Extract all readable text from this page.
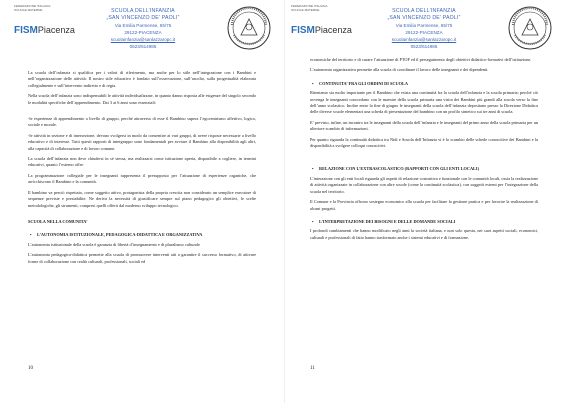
FEDERAZIONE ITALIANA
SCUOLE MATERNE
FISMPiacenza
SCUOLA DELL’INFANZIA
„SAN VINCENZO DE’ PAOLI”
Via Emilia Parmense, 65/75
29122-PIACENZA
scuolainfanzia@sanlazzaropc.it
0523/614985

La scuola dell’infanzia si qualifica per i valori di riferimento, ma anche per lo stile nell’integrazione con i Bambini e nell’organizzazione delle attività. Il nostro stile educativo è fondato sull’osservazione, sull’ascolto, sulla progettualità elaborata collegialmente e sull’intervento indiretto e di regia.

Nella scuola dell’infanzia sono indispensabili le attività individualizzate, in quanto danno risposta alle esigenze del singolo secondo le modalità specifiche dell’apprendimento. Dai 3 ai 6 anni sono essenziali:

-le esperienze di apprendimento a livello di gruppo, perché attraverso di esse il Bambino supera l’egocentrismo affettivo, logico, sociale e morale.

-le attività in sezione e di intersezione, devono svolgersi in modo da consentire ai vari gruppi, di avere risposte necessarie a livello educativo e di interesse. Tutti questi rapporti di intergruppo sono fondamentali per avviare il Bambino alla disponibilità agli altri, alla capacità di collaborazione e di lavoro comune.

La scuola dell’infanzia non deve chiudersi in sé stessa, ma realizzarsi come istituzione aperta, disponibile a cogliere, in termini educativi, quanto l’esterno offre.

La programmazione collegiale per le insegnanti rappresenta il presupposto per l’attuazione di esperienze organiche, che arricchiscono il Bambino e la comunità.

Il bambino va perciò rispettato, come soggetto attivo, protagonista della propria crescita non considerato un semplice esecutore di sequenze previste e prestabilite. Ne deriva la necessità di giustificare sempre sul piano pedagogico gli obiettivi, le scelte metodologiche, gli strumenti, compresi quelli offerti dal moderno sviluppo tecnologico.

SCUOLA NELLA COMUNITA’
• L’AUTONOMIA ISTITUZIONALE, PEDAGOGICA-DIDATTICA E ORGANIZZATIVA

L’autonomia istituzionale della scuola è garanzia di libertà d’insegnamento e di pluralismo culturale

L’autonomia pedagogica-didattica permette alla scuola di promuovere interventi atti a garantire il successo formativo, di attivare forme di collaborazione con realtà culturali, professionali, sociali ed

10
FEDERAZIONE ITALIANA
SCUOLE MATERNE
FISMPiacenza
SCUOLA DELL’INFANZIA
„SAN VINCENZO DE’ PAOLI”
Via Emilia Parmense, 65/75
29122-PIACENZA
scuolainfanzia@sanlazzaropc.it
0523/614985

economiche del territorio e di curare l’attuazione di PTOF ed il perseguimento degli obiettivi didattico-formativi dell’istituzione.

L’autonomia organizzativa permette alla scuola di coordinare il lavoro delle insegnanti e dei dipendenti.

• CONTINUITA’ FRA GLI ORDINI DI SCUOLA

Riteniamo sia molto importante per il Bambino che esista una continuità fra la scuola dell’infanzia e la scuola primaria; perché ciò avvenga le insegnanti concordano con le maestre della scuola primaria una visita dei Bambini più grandi alla scuola verso la fine dell’anno scolastico. Inoltre entro la fine di giugno le insegnanti della scuola dell’infanzia depositano presso la Direzione Didattica delle diverse scuole elementari una scheda di presentazione del bambino con un profilo sintetico sui tre anni di scuola.

E’ previsto, infine, un incontro tra le insegnanti della scuola dell’infanzia e le insegnanti del primo anno della scuola primaria per un ulteriore scambio di informazioni.

Per quanto riguarda la continuità didattica tra Nidi e Scuola dell’Infanzia vi è lo scambio delle schede conoscitive dei Bambini e la disponibilità a svolgere colloqui conoscitivi.

• RELAZIONE CON L’EXTRASCOLASTICO (RAPPORTI CON GLI ENTI LOCALI)

L’interazione con gli enti locali riguarda gli aspetti di relazione costruttiva e funzionale con le comunità locali, ossia la realizzazione di attività organizzate in collaborazione con altre scuole (come la continuità scolastica), con soggetti esterni per l’integrazione della scuola nel territorio.

Il Comune e la Provincia offrono sostegno economico alla scuola per facilitare la gestione pratica e per favorire la realizzazione di alcuni progetti.

• L’INTERPRETAZIONE DEI BISOGNI E DELLE DOMANDE SOCIALI

I profondi cambiamenti che hanno modificato negli anni la società italiana, e non solo questa, nei suoi aspetti sociali, economici, culturali e professionali di fatto hanno trasformato anche i sistemi educativi e di formazione.

11
